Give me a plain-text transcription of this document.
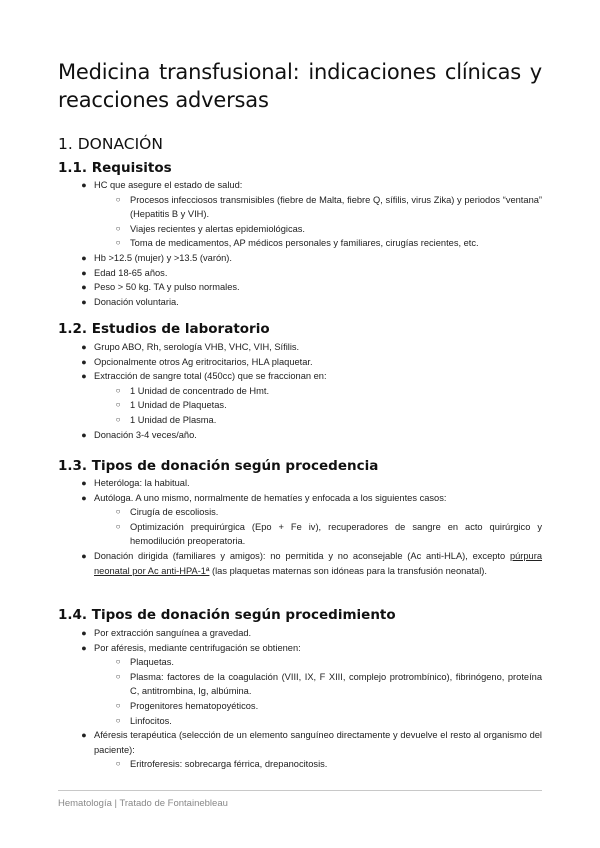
Medicina transfusional: indicaciones clínicas y reacciones adversas
1. DONACIÓN
1.1. Requisitos
● HC que asegure el estado de salud:
○ Procesos infecciosos transmisibles (fiebre de Malta, fiebre Q, sífilis, virus Zika) y periodos “ventana” (Hepatitis B y VIH).
○ Viajes recientes y alertas epidemiológicas.
○ Toma de medicamentos, AP médicos personales y familiares, cirugías recientes, etc.
● Hb >12.5 (mujer) y >13.5 (varón).
● Edad 18-65 años.
● Peso > 50 kg. TA y pulso normales.
● Donación voluntaria.
1.2. Estudios de laboratorio
● Grupo ABO, Rh, serología VHB, VHC, VIH, Sífilis.
● Opcionalmente otros Ag eritrocitarios, HLA plaquetar.
● Extracción de sangre total (450cc) que se fraccionan en:
○ 1 Unidad de concentrado de Hmt.
○ 1 Unidad de Plaquetas.
○ 1 Unidad de Plasma.
● Donación 3-4 veces/año.
1.3. Tipos de donación según procedencia
● Heteróloga: la habitual.
● Autóloga. A uno mismo, normalmente de hematíes y enfocada a los siguientes casos:
○ Cirugía de escoliosis.
○ Optimización prequirúrgica (Epo + Fe iv), recuperadores de sangre en acto quirúrgico y hemodilución preoperatoria.
● Donación dirigida (familiares y amigos): no permitida y no aconsejable (Ac anti-HLA), excepto púrpura neonatal por Ac anti-HPA-1ª (las plaquetas maternas son idóneas para la transfusión neonatal).
1.4. Tipos de donación según procedimiento
● Por extracción sanguínea a gravedad.
● Por aféresis, mediante centrifugación se obtienen:
○ Plaquetas.
○ Plasma: factores de la coagulación (VIII, IX, F XIII, complejo protrombínico), fibrinógeno, proteína C, antitrombina, Ig, albúmina.
○ Progenitores hematopoyéticos.
○ Linfocitos.
● Aféresis terapéutica (selección de un elemento sanguíneo directamente y devuelve el resto al organismo del paciente):
○ Eritroferesis: sobrecarga férrica, drepanocitosis.
Hematología | Tratado de Fontainebleau
